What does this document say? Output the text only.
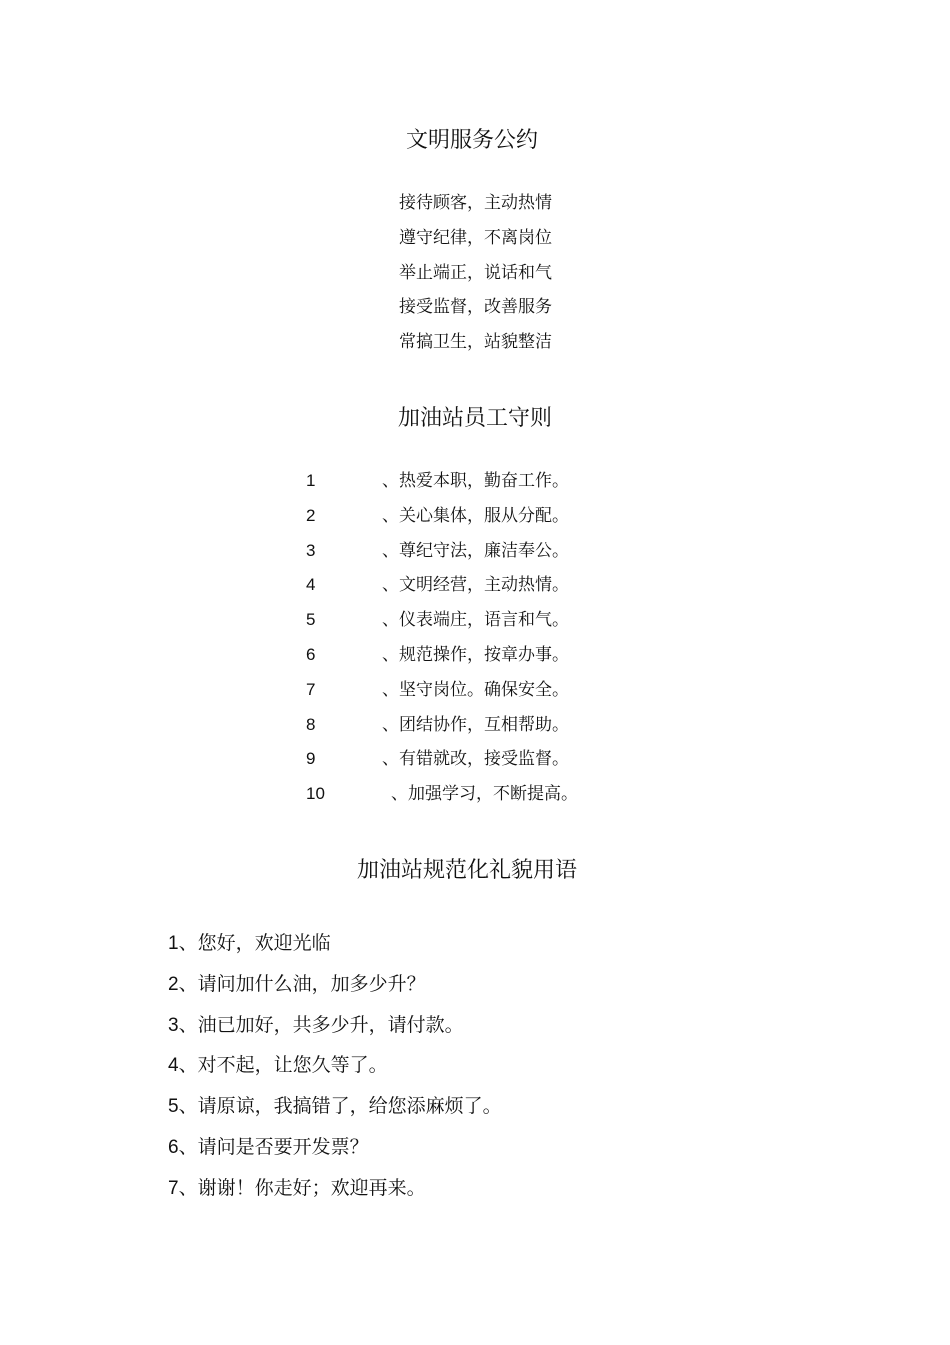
文明服务公约
接待顾客，主动热情
遵守纪律，不离岗位
举止端正，说话和气
接受监督，改善服务
常搞卫生，站貌整洁
加油站员工守则
1	、热爱本职，勤奋工作。
2	、关心集体，服从分配。
3	、尊纪守法，廉洁奉公。
4	、文明经营，主动热情。
5	、仪表端庄，语言和气。
6	、规范操作，按章办事。
7	、坚守岗位。确保安全。
8	、团结协作，互相帮助。
9	、有错就改，接受监督。
10	、加强学习，不断提高。
加油站规范化礼貌用语
1、您好，欢迎光临
2、请问加什么油，加多少升？
3、油已加好，共多少升，请付款。
4、对不起，让您久等了。
5、请原谅，我搞错了，给您添麻烦了。
6、请问是否要开发票？
7、谢谢！你走好；欢迎再来。
